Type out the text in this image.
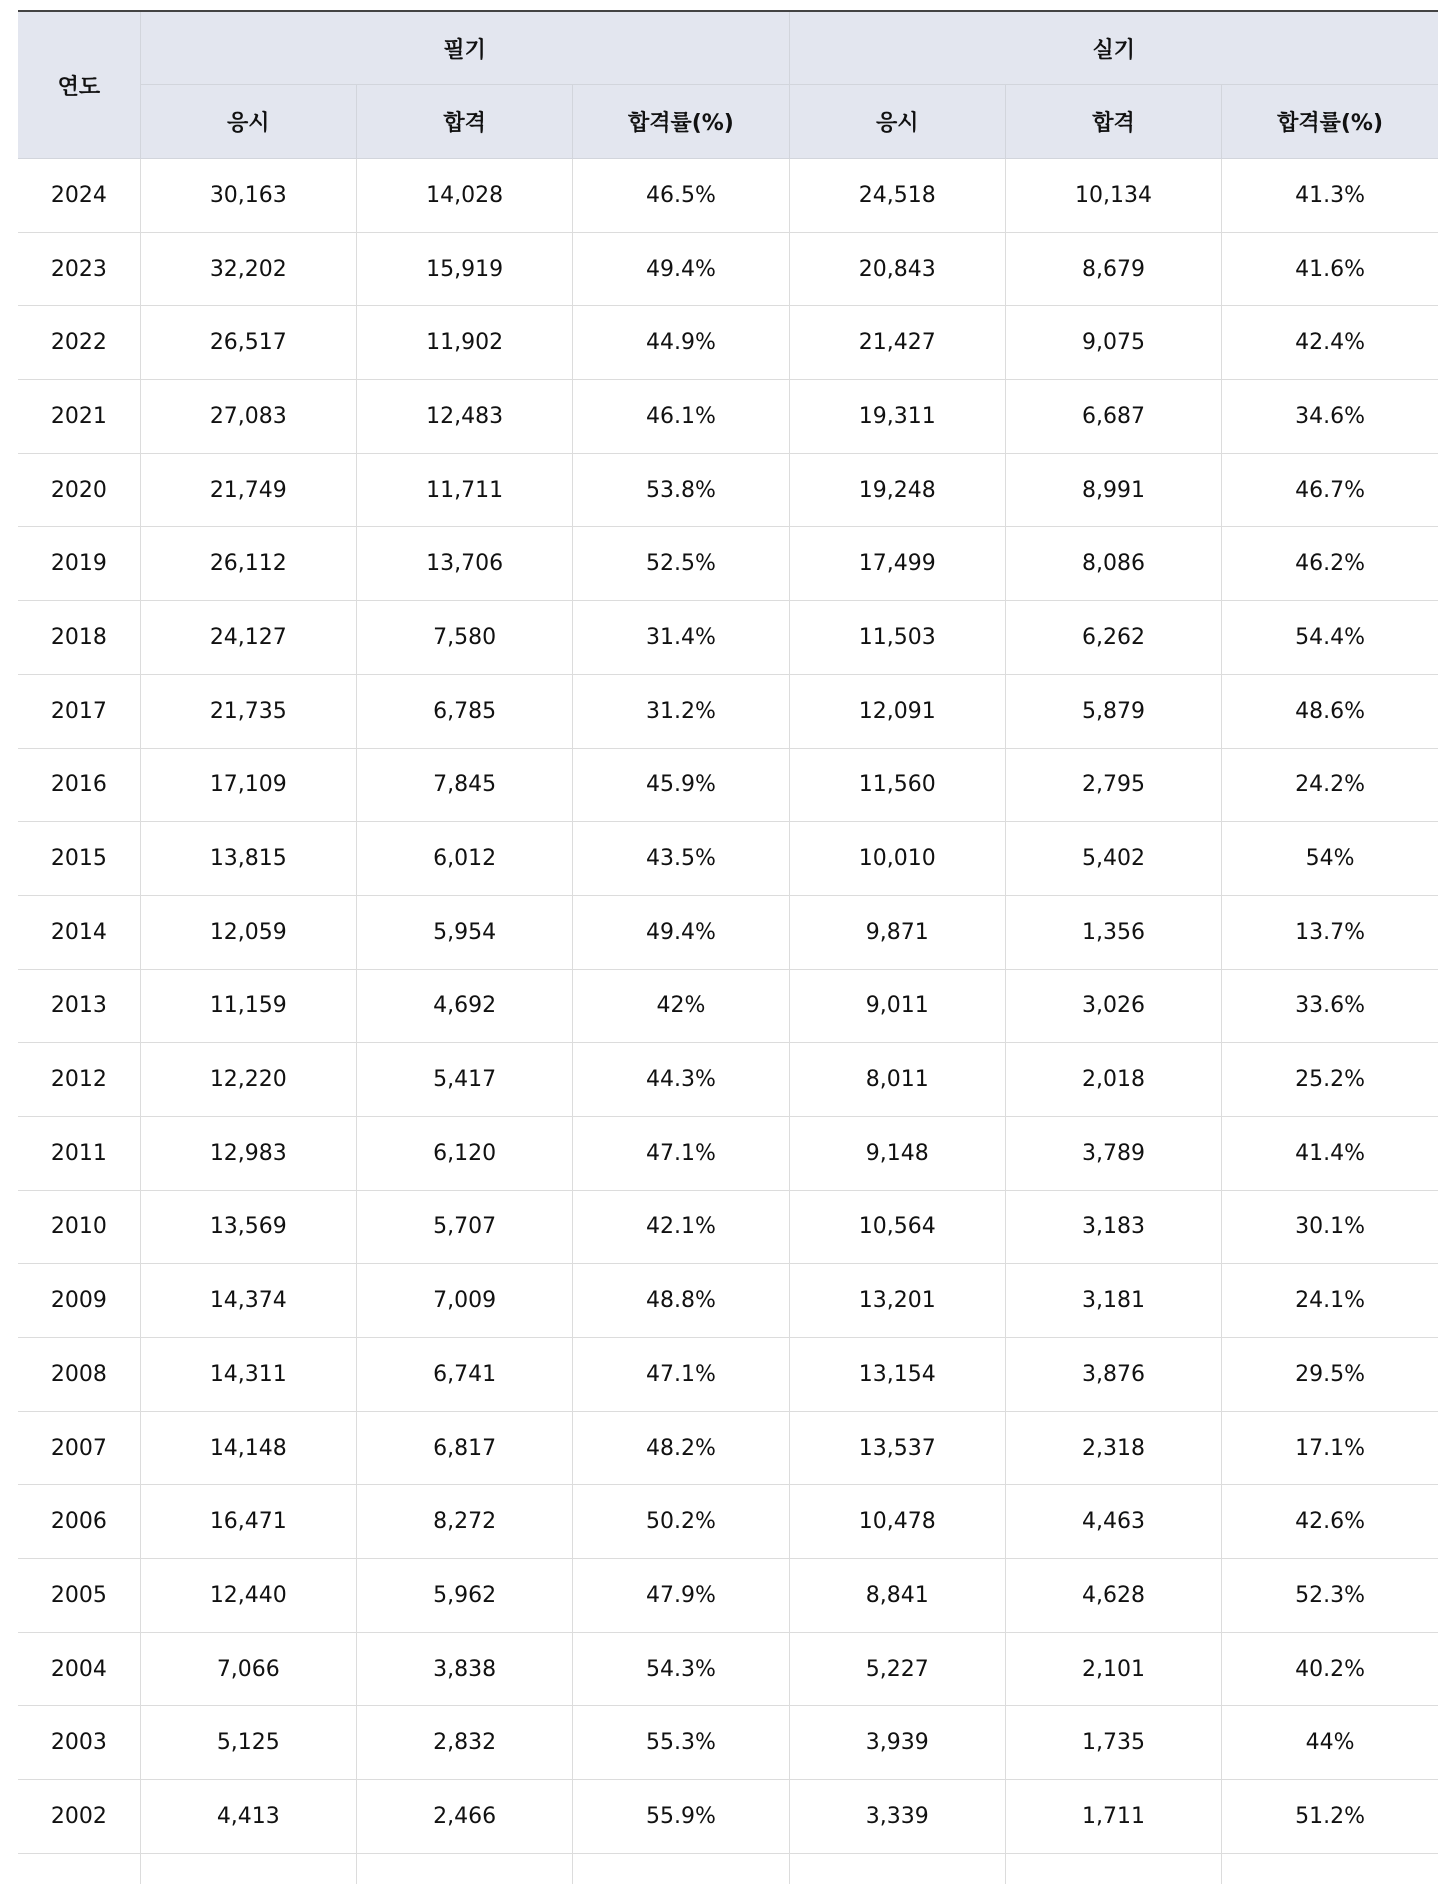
연도	필기			실기		
	응시	합격	합격률(%)	응시	합격	합격률(%)
2024	30,163	14,028	46.5%	24,518	10,134	41.3%
2023	32,202	15,919	49.4%	20,843	8,679	41.6%
2022	26,517	11,902	44.9%	21,427	9,075	42.4%
2021	27,083	12,483	46.1%	19,311	6,687	34.6%
2020	21,749	11,711	53.8%	19,248	8,991	46.7%
2019	26,112	13,706	52.5%	17,499	8,086	46.2%
2018	24,127	7,580	31.4%	11,503	6,262	54.4%
2017	21,735	6,785	31.2%	12,091	5,879	48.6%
2016	17,109	7,845	45.9%	11,560	2,795	24.2%
2015	13,815	6,012	43.5%	10,010	5,402	54%
2014	12,059	5,954	49.4%	9,871	1,356	13.7%
2013	11,159	4,692	42%	9,011	3,026	33.6%
2012	12,220	5,417	44.3%	8,011	2,018	25.2%
2011	12,983	6,120	47.1%	9,148	3,789	41.4%
2010	13,569	5,707	42.1%	10,564	3,183	30.1%
2009	14,374	7,009	48.8%	13,201	3,181	24.1%
2008	14,311	6,741	47.1%	13,154	3,876	29.5%
2007	14,148	6,817	48.2%	13,537	2,318	17.1%
2006	16,471	8,272	50.2%	10,478	4,463	42.6%
2005	12,440	5,962	47.9%	8,841	4,628	52.3%
2004	7,066	3,838	54.3%	5,227	2,101	40.2%
2003	5,125	2,832	55.3%	3,939	1,735	44%
2002	4,413	2,466	55.9%	3,339	1,711	51.2%
